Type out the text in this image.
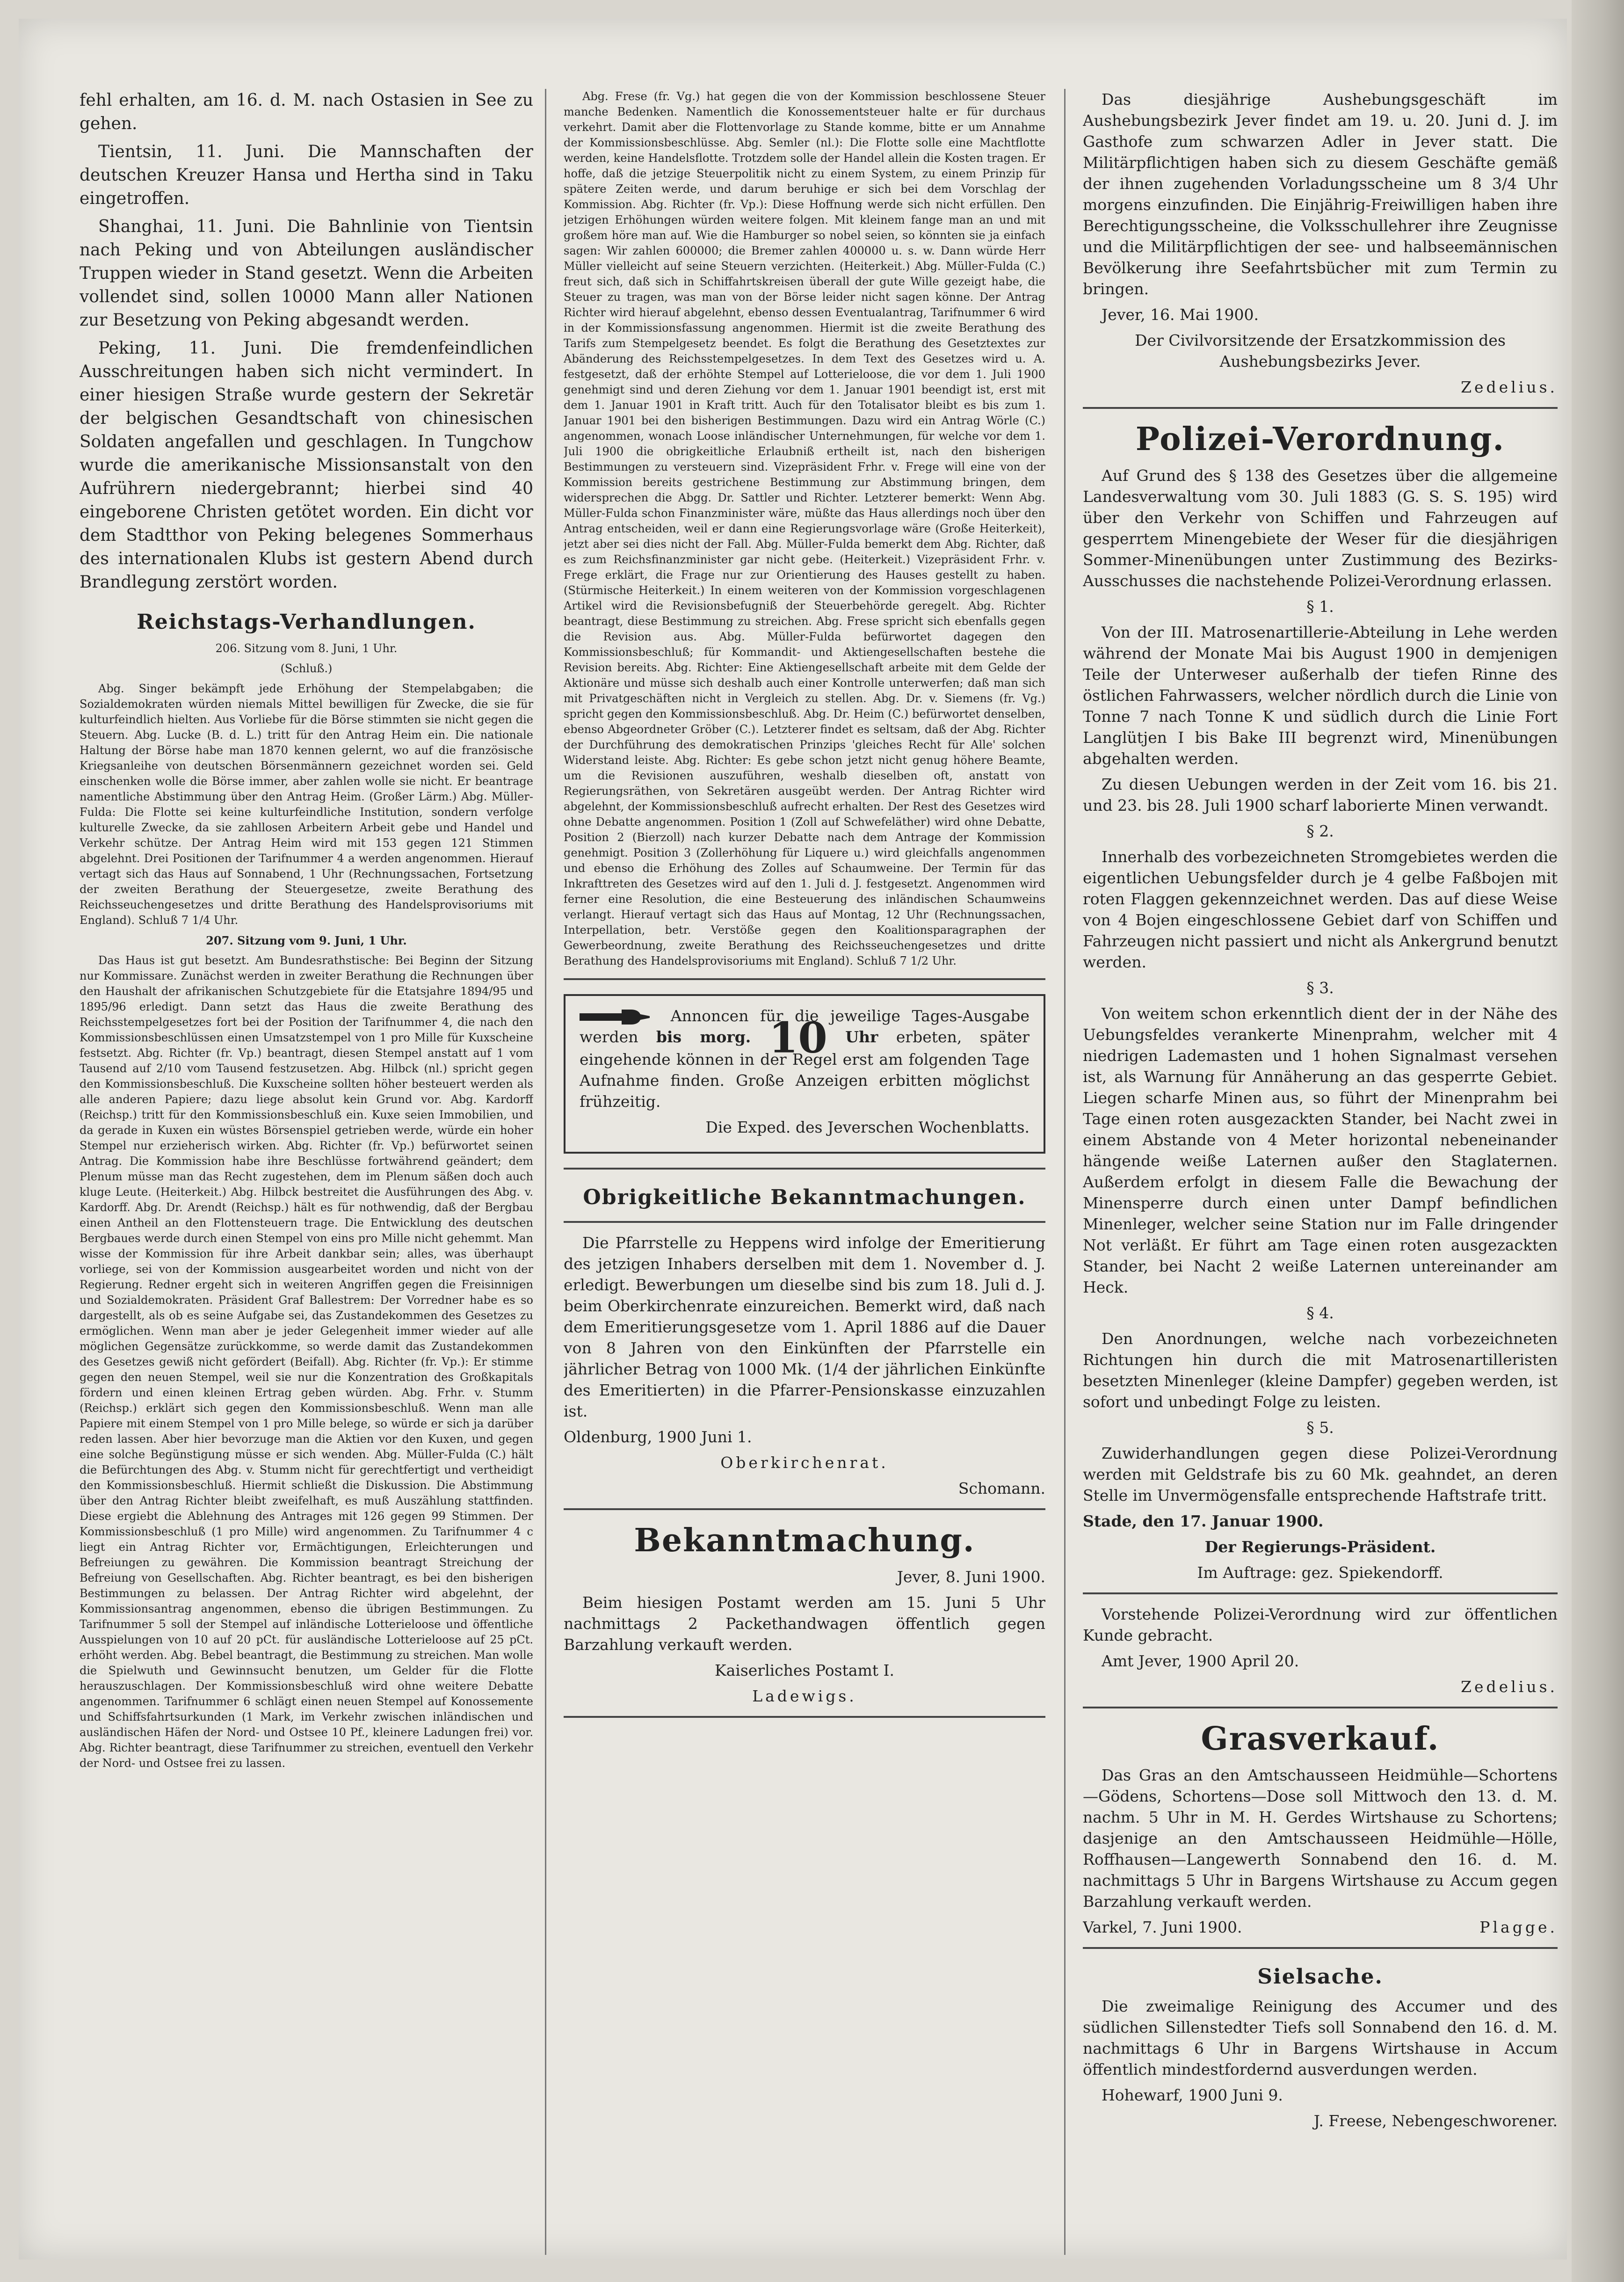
fehl erhalten, am 16. d. M. nach Ostasien in See zu gehen.

Tientsin, 11. Juni. Die Mannschaften der deutschen Kreuzer Hansa und Hertha sind in Taku eingetroffen.

Shanghai, 11. Juni. Die Bahnlinie von Tientsin nach Peking und von Abteilungen ausländischer Truppen wieder in Stand gesetzt. Wenn die Arbeiten vollendet sind, sollen 10000 Mann aller Nationen zur Besetzung von Peking abgesandt werden.

Peking, 11. Juni. Die fremdenfeindlichen Ausschreitungen haben sich nicht vermindert. In einer hiesigen Straße wurde gestern der Sekretär der belgischen Gesandtschaft von chinesischen Soldaten angefallen und geschlagen. In Tungchow wurde die amerikanische Missionsanstalt von den Aufrührern niedergebrannt; hierbei sind 40 eingeborene Christen getötet worden. Ein dicht vor dem Stadtthor von Peking belegenes Sommerhaus des internationalen Klubs ist gestern Abend durch Brandlegung zerstört worden.

Reichstags-Verhandlungen.

206. Sitzung vom 8. Juni, 1 Uhr.

(Schluß.)

Abg. Singer bekämpft jede Erhöhung der Stempelabgaben; die Sozialdemokraten würden niemals Mittel bewilligen für Zwecke, die sie für kulturfeindlich hielten. Aus Vorliebe für die Börse stimmten sie nicht gegen die Steuern. Abg. Lucke (B. d. L.) tritt für den Antrag Heim ein. Die nationale Haltung der Börse habe man 1870 kennen gelernt, wo auf die französische Kriegsanleihe von deutschen Börsenmännern gezeichnet worden sei. Geld einschenken wolle die Börse immer, aber zahlen wolle sie nicht. Er beantrage namentliche Abstimmung über den Antrag Heim. (Großer Lärm.) Abg. Müller-Fulda: Die Flotte sei keine kulturfeindliche Institution, sondern verfolge kulturelle Zwecke, da sie zahllosen Arbeitern Arbeit gebe und Handel und Verkehr schütze. Der Antrag Heim wird mit 153 gegen 121 Stimmen abgelehnt. Drei Positionen der Tarifnummer 4 a werden angenommen. Hierauf vertagt sich das Haus auf Sonnabend, 1 Uhr (Rechnungssachen, Fortsetzung der zweiten Berathung der Steuergesetze, zweite Berathung des Reichsseuchengesetzes und dritte Berathung des Handelsprovisoriums mit England). Schluß 7 1/4 Uhr.

207. Sitzung vom 9. Juni, 1 Uhr.

Das Haus ist gut besetzt. Am Bundesrathstische: Bei Beginn der Sitzung nur Kommissare. Zunächst werden in zweiter Berathung die Rechnungen über den Haushalt der afrikanischen Schutzgebiete für die Etatsjahre 1894/95 und 1895/96 erledigt. Dann setzt das Haus die zweite Berathung des Reichsstempelgesetzes fort bei der Position der Tarifnummer 4, die nach den Kommissionsbeschlüssen einen Umsatzstempel von 1 pro Mille für Kuxscheine festsetzt. Abg. Richter (fr. Vp.) beantragt, diesen Stempel anstatt auf 1 vom Tausend auf 2/10 vom Tausend festzusetzen. Abg. Hilbck (nl.) spricht gegen den Kommissionsbeschluß. Die Kuxscheine sollten höher besteuert werden als alle anderen Papiere; dazu liege absolut kein Grund vor. Abg. Kardorff (Reichsp.) tritt für den Kommissionsbeschluß ein. Kuxe seien Immobilien, und da gerade in Kuxen ein wüstes Börsenspiel getrieben werde, würde ein hoher Stempel nur erzieherisch wirken. Abg. Richter (fr. Vp.) befürwortet seinen Antrag. Die Kommission habe ihre Beschlüsse fortwährend geändert; dem Plenum müsse man das Recht zugestehen, dem im Plenum säßen doch auch kluge Leute. (Heiterkeit.) Abg. Hilbck bestreitet die Ausführungen des Abg. v. Kardorff. Abg. Dr. Arendt (Reichsp.) hält es für nothwendig, daß der Bergbau einen Antheil an den Flottensteuern trage. Die Entwicklung des deutschen Bergbaues werde durch einen Stempel von eins pro Mille nicht gehemmt. Man wisse der Kommission für ihre Arbeit dankbar sein; alles, was überhaupt vorliege, sei von der Kommission ausgearbeitet worden und nicht von der Regierung. Redner ergeht sich in weiteren Angriffen gegen die Freisinnigen und Sozialdemokraten. Präsident Graf Ballestrem: Der Vorredner habe es so dargestellt, als ob es seine Aufgabe sei, das Zustandekommen des Gesetzes zu ermöglichen. Wenn man aber je jeder Gelegenheit immer wieder auf alle möglichen Gegensätze zurückkomme, so werde damit das Zustandekommen des Gesetzes gewiß nicht gefördert (Beifall). Abg. Richter (fr. Vp.): Er stimme gegen den neuen Stempel, weil sie nur die Konzentration des Großkapitals fördern und einen kleinen Ertrag geben würden. Abg. Frhr. v. Stumm (Reichsp.) erklärt sich gegen den Kommissionsbeschluß. Wenn man alle Papiere mit einem Stempel von 1 pro Mille belege, so würde er sich ja darüber reden lassen. Aber hier bevorzuge man die Aktien vor den Kuxen, und gegen eine solche Begünstigung müsse er sich wenden. Abg. Müller-Fulda (C.) hält die Befürchtungen des Abg. v. Stumm nicht für gerechtfertigt und vertheidigt den Kommissionsbeschluß. Hiermit schließt die Diskussion. Die Abstimmung über den Antrag Richter bleibt zweifelhaft, es muß Auszählung stattfinden. Diese ergiebt die Ablehnung des Antrages mit 126 gegen 99 Stimmen. Der Kommissionsbeschluß (1 pro Mille) wird angenommen. Zu Tarifnummer 4 c liegt ein Antrag Richter vor, Ermächtigungen, Erleichterungen und Befreiungen zu gewähren. Die Kommission beantragt Streichung der Befreiung von Gesellschaften. Abg. Richter beantragt, es bei den bisherigen Bestimmungen zu belassen. Der Antrag Richter wird abgelehnt, der Kommissionsantrag angenommen, ebenso die übrigen Bestimmungen. Zu Tarifnummer 5 soll der Stempel auf inländische Lotterieloose und öffentliche Ausspielungen von 10 auf 20 pCt. für ausländische Lotterieloose auf 25 pCt. erhöht werden. Abg. Bebel beantragt, die Bestimmung zu streichen. Man wolle die Spielwuth und Gewinnsucht benutzen, um Gelder für die Flotte herauszuschlagen. Der Kommissionsbeschluß wird ohne weitere Debatte angenommen. Tarifnummer 6 schlägt einen neuen Stempel auf Konossemente und Schiffsfahrtsurkunden (1 Mark, im Verkehr zwischen inländischen und ausländischen Häfen der Nord- und Ostsee 10 Pf., kleinere Ladungen frei) vor. Abg. Richter beantragt, diese Tarifnummer zu streichen, eventuell den Verkehr der Nord- und Ostsee frei zu lassen.

Abg. Frese (fr. Vg.) hat gegen die von der Kommission beschlossene Steuer manche Bedenken. Namentlich die Konossementsteuer halte er für durchaus verkehrt. Damit aber die Flottenvorlage zu Stande komme, bitte er um Annahme der Kommissionsbeschlüsse. Abg. Semler (nl.): Die Flotte solle eine Machtflotte werden, keine Handelsflotte. Trotzdem solle der Handel allein die Kosten tragen. Er hoffe, daß die jetzige Steuerpolitik nicht zu einem System, zu einem Prinzip für spätere Zeiten werde, und darum beruhige er sich bei dem Vorschlag der Kommission. Abg. Richter (fr. Vp.): Diese Hoffnung werde sich nicht erfüllen. Den jetzigen Erhöhungen würden weitere folgen. Mit kleinem fange man an und mit großem höre man auf. Wie die Hamburger so nobel seien, so könnten sie ja einfach sagen: Wir zahlen 600000; die Bremer zahlen 400000 u. s. w. Dann würde Herr Müller vielleicht auf seine Steuern verzichten. (Heiterkeit.) Abg. Müller-Fulda (C.) freut sich, daß sich in Schiffahrtskreisen überall der gute Wille gezeigt habe, die Steuer zu tragen, was man von der Börse leider nicht sagen könne. Der Antrag Richter wird hierauf abgelehnt, ebenso dessen Eventualantrag, Tarifnummer 6 wird in der Kommissionsfassung angenommen. Hiermit ist die zweite Berathung des Tarifs zum Stempelgesetz beendet. Es folgt die Berathung des Gesetztextes zur Abänderung des Reichsstempelgesetzes. In dem Text des Gesetzes wird u. A. festgesetzt, daß der erhöhte Stempel auf Lotterieloose, die vor dem 1. Juli 1900 genehmigt sind und deren Ziehung vor dem 1. Januar 1901 beendigt ist, erst mit dem 1. Januar 1901 in Kraft tritt. Auch für den Totalisator bleibt es bis zum 1. Januar 1901 bei den bisherigen Bestimmungen. Dazu wird ein Antrag Wörle (C.) angenommen, wonach Loose inländischer Unternehmungen, für welche vor dem 1. Juli 1900 die obrigkeitliche Erlaubniß ertheilt ist, nach den bisherigen Bestimmungen zu versteuern sind. Vizepräsident Frhr. v. Frege will eine von der Kommission bereits gestrichene Bestimmung zur Abstimmung bringen, dem widersprechen die Abgg. Dr. Sattler und Richter. Letzterer bemerkt: Wenn Abg. Müller-Fulda schon Finanzminister wäre, müßte das Haus allerdings noch über den Antrag entscheiden, weil er dann eine Regierungsvorlage wäre (Große Heiterkeit), jetzt aber sei dies nicht der Fall. Abg. Müller-Fulda bemerkt dem Abg. Richter, daß es zum Reichsfinanzminister gar nicht gebe. (Heiterkeit.) Vizepräsident Frhr. v. Frege erklärt, die Frage nur zur Orientierung des Hauses gestellt zu haben. (Stürmische Heiterkeit.) In einem weiteren von der Kommission vorgeschlagenen Artikel wird die Revisionsbefugniß der Steuerbehörde geregelt. Abg. Richter beantragt, diese Bestimmung zu streichen. Abg. Frese spricht sich ebenfalls gegen die Revision aus. Abg. Müller-Fulda befürwortet dagegen den Kommissionsbeschluß; für Kommandit- und Aktiengesellschaften bestehe die Revision bereits. Abg. Richter: Eine Aktiengesellschaft arbeite mit dem Gelde der Aktionäre und müsse sich deshalb auch einer Kontrolle unterwerfen; daß man sich mit Privatgeschäften nicht in Vergleich zu stellen. Abg. Dr. v. Siemens (fr. Vg.) spricht gegen den Kommissionsbeschluß. Abg. Dr. Heim (C.) befürwortet denselben, ebenso Abgeordneter Gröber (C.). Letzterer findet es seltsam, daß der Abg. Richter der Durchführung des demokratischen Prinzips 'gleiches Recht für Alle' solchen Widerstand leiste. Abg. Richter: Es gebe schon jetzt nicht genug höhere Beamte, um die Revisionen auszuführen, weshalb dieselben oft, anstatt von Regierungsräthen, von Sekretären ausgeübt werden. Der Antrag Richter wird abgelehnt, der Kommissionsbeschluß aufrecht erhalten. Der Rest des Gesetzes wird ohne Debatte angenommen. Position 1 (Zoll auf Schwefeläther) wird ohne Debatte, Position 2 (Bierzoll) nach kurzer Debatte nach dem Antrage der Kommission genehmigt. Position 3 (Zollerhöhung für Liquere u.) wird gleichfalls angenommen und ebenso die Erhöhung des Zolles auf Schaumweine. Der Termin für das Inkrafttreten des Gesetzes wird auf den 1. Juli d. J. festgesetzt. Angenommen wird ferner eine Resolution, die eine Besteuerung des inländischen Schaumweins verlangt. Hierauf vertagt sich das Haus auf Montag, 12 Uhr (Rechnungssachen, Interpellation, betr. Verstöße gegen den Koalitionsparagraphen der Gewerbeordnung, zweite Berathung des Reichsseuchengesetzes und dritte Berathung des Handelsprovisoriums mit England). Schluß 7 1/2 Uhr.

Annoncen für die jeweilige Tages-Ausgabe werden bis morg. 10 Uhr erbeten, später eingehende können in der Regel erst am folgenden Tage Aufnahme finden. Große Anzeigen erbitten möglichst frühzeitig.

Die Exped. des Jeverschen Wochenblatts.

Obrigkeitliche Bekanntmachungen.

Die Pfarrstelle zu Heppens wird infolge der Emeritierung des jetzigen Inhabers derselben mit dem 1. November d. J. erledigt. Bewerbungen um dieselbe sind bis zum 18. Juli d. J. beim Oberkirchenrate einzureichen. Bemerkt wird, daß nach dem Emeritierungsgesetze vom 1. April 1886 auf die Dauer von 8 Jahren von den Einkünften der Pfarrstelle ein jährlicher Betrag von 1000 Mk. (1/4 der jährlichen Einkünfte des Emeritierten) in die Pfarrer-Pensionskasse einzuzahlen ist.

Oldenburg, 1900 Juni 1.

Oberkirchenrat.

Schomann.

Bekanntmachung.

Jever, 8. Juni 1900.

Beim hiesigen Postamt werden am 15. Juni 5 Uhr nachmittags 2 Packethandwagen öffentlich gegen Barzahlung verkauft werden.

Kaiserliches Postamt I.

Ladewigs.

Das diesjährige Aushebungsgeschäft im Aushebungsbezirk Jever findet am 19. u. 20. Juni d. J. im Gasthofe zum schwarzen Adler in Jever statt. Die Militärpflichtigen haben sich zu diesem Geschäfte gemäß der ihnen zugehenden Vorladungsscheine um 8 3/4 Uhr morgens einzufinden. Die Einjährig-Freiwilligen haben ihre Berechtigungsscheine, die Volksschullehrer ihre Zeugnisse und die Militärpflichtigen der see- und halbseemännischen Bevölkerung ihre Seefahrtsbücher mit zum Termin zu bringen.

Jever, 16. Mai 1900.

Der Civilvorsitzende der Ersatzkommission des Aushebungsbezirks Jever.

Zedelius.

Polizei-Verordnung.

Auf Grund des § 138 des Gesetzes über die allgemeine Landesverwaltung vom 30. Juli 1883 (G. S. S. 195) wird über den Verkehr von Schiffen und Fahrzeugen auf gesperrtem Minengebiete der Weser für die diesjährigen Sommer-Minenübungen unter Zustimmung des Bezirks-Ausschusses die nachstehende Polizei-Verordnung erlassen.

§ 1.

Von der III. Matrosenartillerie-Abteilung in Lehe werden während der Monate Mai bis August 1900 in demjenigen Teile der Unterweser außerhalb der tiefen Rinne des östlichen Fahrwassers, welcher nördlich durch die Linie von Tonne 7 nach Tonne K und südlich durch die Linie Fort Langlütjen I bis Bake III begrenzt wird, Minenübungen abgehalten werden.

Zu diesen Uebungen werden in der Zeit vom 16. bis 21. und 23. bis 28. Juli 1900 scharf laborierte Minen verwandt.

§ 2.

Innerhalb des vorbezeichneten Stromgebietes werden die eigentlichen Uebungsfelder durch je 4 gelbe Faßbojen mit roten Flaggen gekennzeichnet werden. Das auf diese Weise von 4 Bojen eingeschlossene Gebiet darf von Schiffen und Fahrzeugen nicht passiert und nicht als Ankergrund benutzt werden.

§ 3.

Von weitem schon erkenntlich dient der in der Nähe des Uebungsfeldes verankerte Minenprahm, welcher mit 4 niedrigen Lademasten und 1 hohen Signalmast versehen ist, als Warnung für Annäherung an das gesperrte Gebiet. Liegen scharfe Minen aus, so führt der Minenprahm bei Tage einen roten ausgezackten Stander, bei Nacht zwei in einem Abstande von 4 Meter horizontal nebeneinander hängende weiße Laternen außer den Staglaternen. Außerdem erfolgt in diesem Falle die Bewachung der Minensperre durch einen unter Dampf befindlichen Minenleger, welcher seine Station nur im Falle dringender Not verläßt. Er führt am Tage einen roten ausgezackten Stander, bei Nacht 2 weiße Laternen untereinander am Heck.

§ 4.

Den Anordnungen, welche nach vorbezeichneten Richtungen hin durch die mit Matrosenartilleristen besetzten Minenleger (kleine Dampfer) gegeben werden, ist sofort und unbedingt Folge zu leisten.

§ 5.

Zuwiderhandlungen gegen diese Polizei-Verordnung werden mit Geldstrafe bis zu 60 Mk. geahndet, an deren Stelle im Unvermögensfalle entsprechende Haftstrafe tritt.

Stade, den 17. Januar 1900.

Der Regierungs-Präsident.

Im Auftrage: gez. Spiekendorff.

Vorstehende Polizei-Verordnung wird zur öffentlichen Kunde gebracht.

Amt Jever, 1900 April 20.

Zedelius.

Grasverkauf.

Das Gras an den Amtschausseen Heidmühle—Schortens—Gödens, Schortens—Dose soll Mittwoch den 13. d. M. nachm. 5 Uhr in M. H. Gerdes Wirtshause zu Schortens; dasjenige an den Amtschausseen Heidmühle—Hölle, Roffhausen—Langewerth Sonnabend den 16. d. M. nachmittags 5 Uhr in Bargens Wirtshause zu Accum gegen Barzahlung verkauft werden.

Varkel, 7. Juni 1900.	Plagge.

Sielsache.

Die zweimalige Reinigung des Accumer und des südlichen Sillenstedter Tiefs soll Sonnabend den 16. d. M. nachmittags 6 Uhr in Bargens Wirtshause in Accum öffentlich mindestfordernd ausverdungen werden.

Hohewarf, 1900 Juni 9.

J. Freese, Nebengeschworener.
